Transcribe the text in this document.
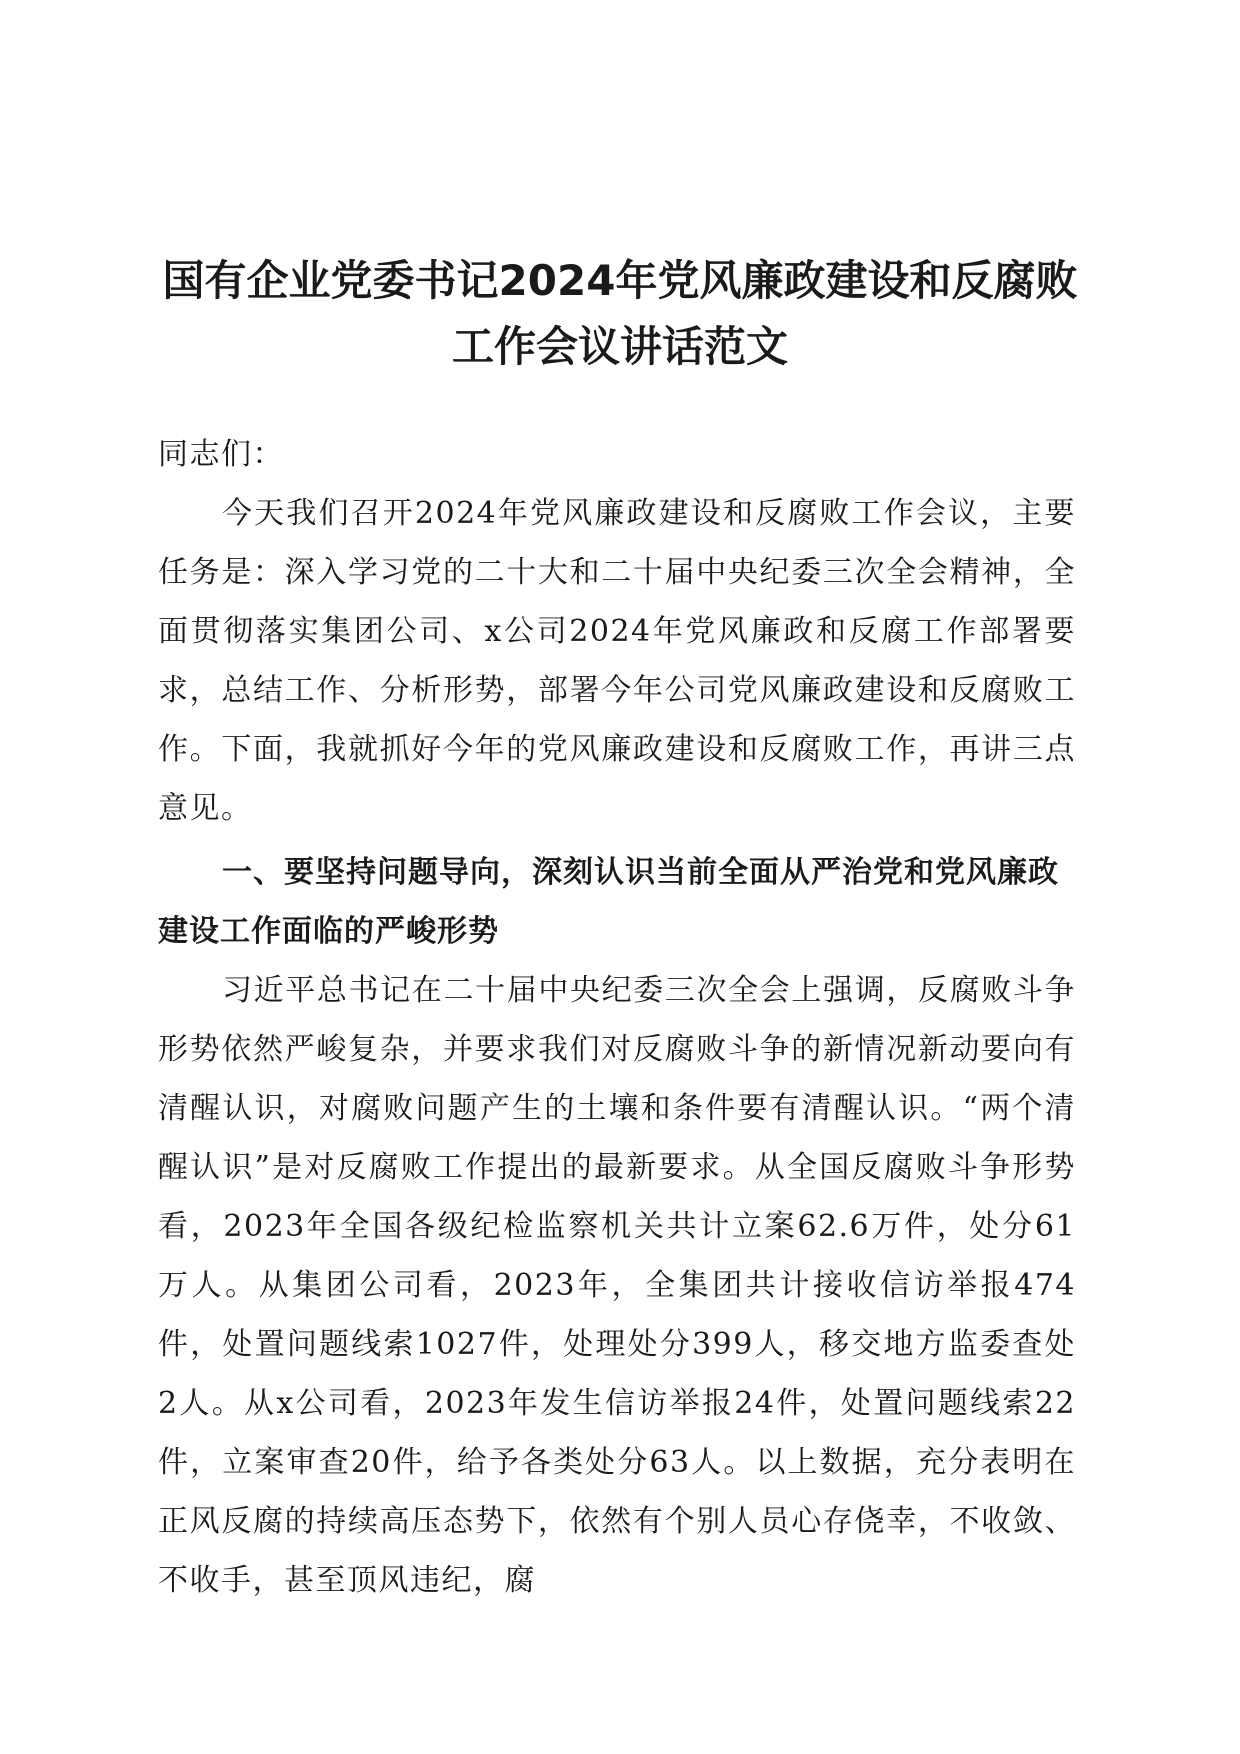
国有企业党委书记2024年党风廉政建设和反腐败工作会议讲话范文

同志们：

今天我们召开2024年党风廉政建设和反腐败工作会议，主要任务是：深入学习党的二十大和二十届中央纪委三次全会精神，全面贯彻落实集团公司、x公司2024年党风廉政和反腐工作部署要求，总结工作、分析形势，部署今年公司党风廉政建设和反腐败工作。下面，我就抓好今年的党风廉政建设和反腐败工作，再讲三点意见。

一、要坚持问题导向，深刻认识当前全面从严治党和党风廉政建设工作面临的严峻形势

习近平总书记在二十届中央纪委三次全会上强调，反腐败斗争形势依然严峻复杂，并要求我们对反腐败斗争的新情况新动要向有清醒认识，对腐败问题产生的土壤和条件要有清醒认识。“两个清醒认识”是对反腐败工作提出的最新要求。从全国反腐败斗争形势看，2023年全国各级纪检监察机关共计立案62.6万件，处分61万人。从集团公司看，2023年，全集团共计接收信访举报474件，处置问题线索1027件，处理处分399人，移交地方监委查处2人。从x公司看，2023年发生信访举报24件，处置问题线索22件，立案审查20件，给予各类处分63人。以上数据，充分表明在正风反腐的持续高压态势下，依然有个别人员心存侥幸，不收敛、不收手，甚至顶风违纪，腐
